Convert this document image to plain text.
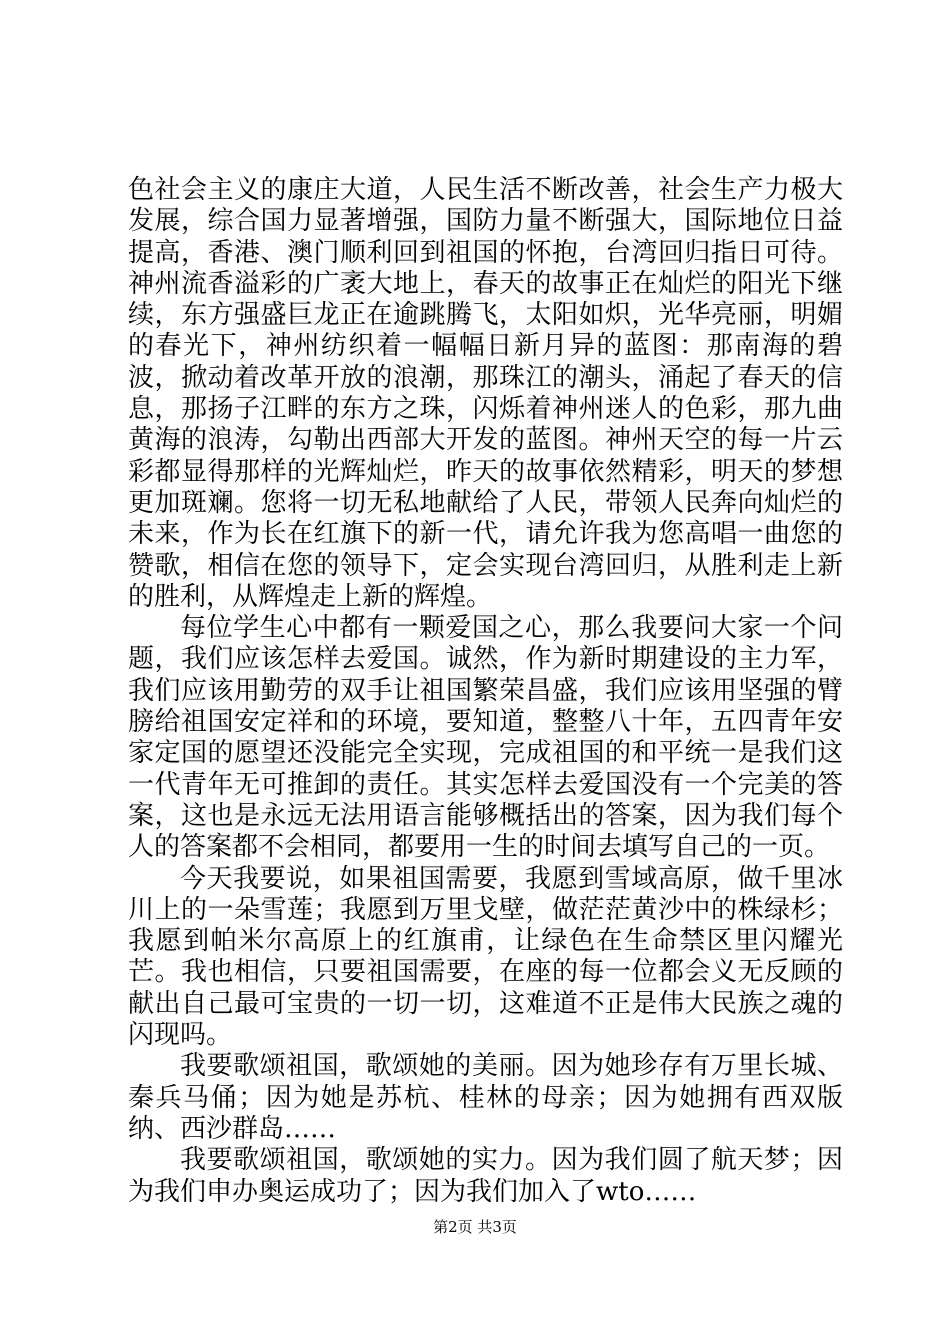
色社会主义的康庄大道，人民生活不断改善，社会生产力极大发展，综合国力显著增强，国防力量不断强大，国际地位日益提高，香港、澳门顺利回到祖国的怀抱，台湾回归指日可待。神州流香溢彩的广袤大地上，春天的故事正在灿烂的阳光下继续，东方强盛巨龙正在逾跳腾飞，太阳如炽，光华亮丽，明媚的春光下，神州纺织着一幅幅日新月异的蓝图：那南海的碧波，掀动着改革开放的浪潮，那珠江的潮头，涌起了春天的信息，那扬子江畔的东方之珠，闪烁着神州迷人的色彩，那九曲黄海的浪涛，勾勒出西部大开发的蓝图。神州天空的每一片云彩都显得那样的光辉灿烂，昨天的故事依然精彩，明天的梦想更加斑斓。您将一切无私地献给了人民，带领人民奔向灿烂的未来，作为长在红旗下的新一代，请允许我为您高唱一曲您的赞歌，相信在您的领导下，定会实现台湾回归，从胜利走上新的胜利，从辉煌走上新的辉煌。

每位学生心中都有一颗爱国之心，那么我要问大家一个问题，我们应该怎样去爱国。诚然，作为新时期建设的主力军，我们应该用勤劳的双手让祖国繁荣昌盛，我们应该用坚强的臂膀给祖国安定祥和的环境，要知道，整整八十年，五四青年安家定国的愿望还没能完全实现，完成祖国的和平统一是我们这一代青年无可推卸的责任。其实怎样去爱国没有一个完美的答案，这也是永远无法用语言能够概括出的答案，因为我们每个人的答案都不会相同，都要用一生的时间去填写自己的一页。

今天我要说，如果祖国需要，我愿到雪域高原，做千里冰川上的一朵雪莲；我愿到万里戈壁，做茫茫黄沙中的株绿杉；我愿到帕米尔高原上的红旗甫，让绿色在生命禁区里闪耀光芒。我也相信，只要祖国需要，在座的每一位都会义无反顾的献出自己最可宝贵的一切一切，这难道不正是伟大民族之魂的闪现吗。

我要歌颂祖国，歌颂她的美丽。因为她珍存有万里长城、秦兵马俑；因为她是苏杭、桂林的母亲；因为她拥有西双版纳、西沙群岛……

我要歌颂祖国，歌颂她的实力。因为我们圆了航天梦；因为我们申办奥运成功了；因为我们加入了wto……

第2页 共3页
